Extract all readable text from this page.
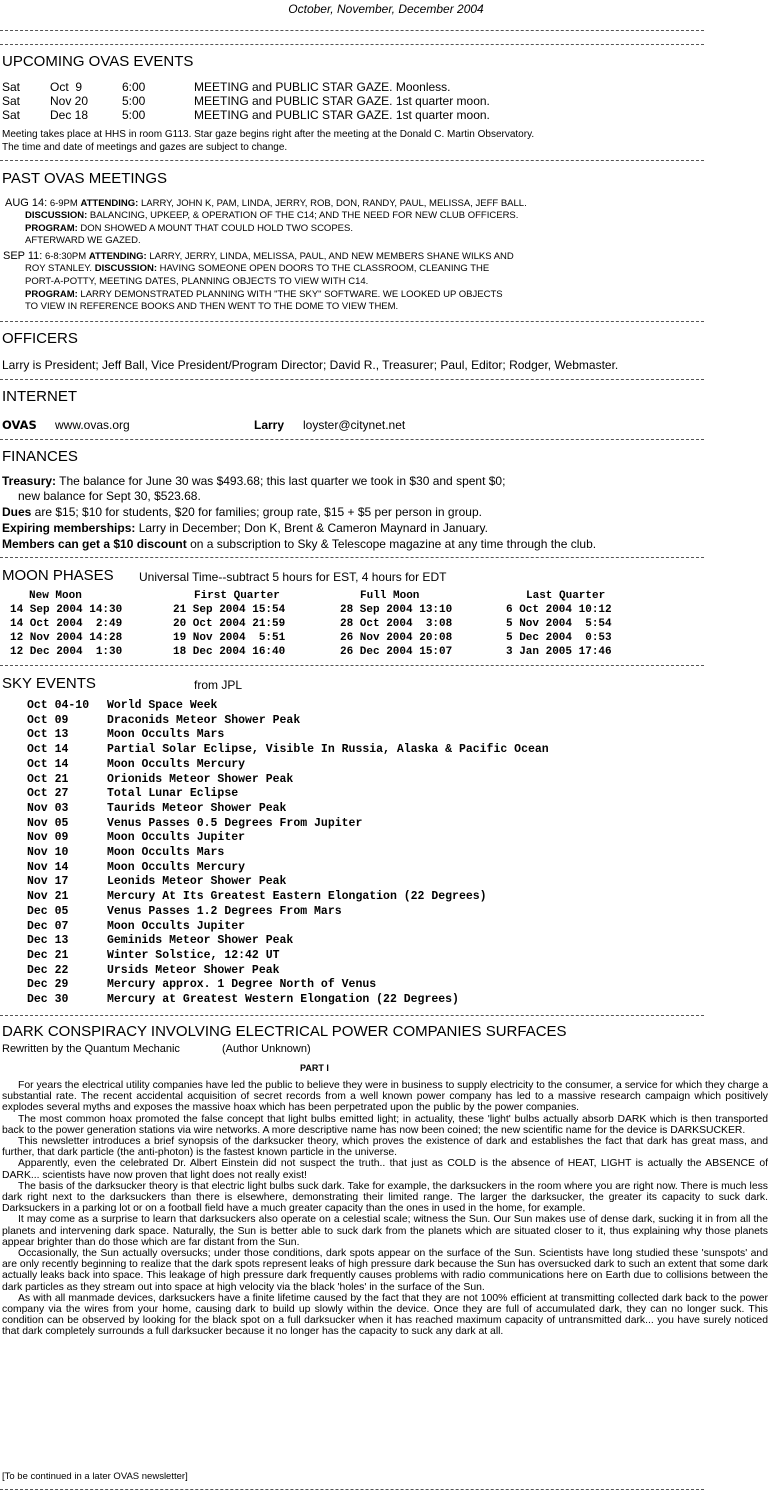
October, November, December 2004
UPCOMING OVAS EVENTS
Sat Oct  9	6:00	MEETING and PUBLIC STAR GAZE. Moonless.
Sat Nov 20	5:00	MEETING and PUBLIC STAR GAZE. 1st quarter moon.
Sat Dec 18	5:00	MEETING and PUBLIC STAR GAZE. 1st quarter moon.
Meeting takes place at HHS in room G113. Star gaze begins right after the meeting at the Donald C. Martin Observatory.
The time and date of meetings and gazes are subject to change.
PAST OVAS MEETINGS
AUG 14: 6-9PM ATTENDING: LARRY, JOHN K, PAM, LINDA, JERRY, ROB, DON, RANDY, PAUL, MELISSA, JEFF BALL.
DISCUSSION: BALANCING, UPKEEP, & OPERATION OF THE C14; AND THE NEED FOR NEW CLUB OFFICERS.
PROGRAM: DON SHOWED A MOUNT THAT COULD HOLD TWO SCOPES.
AFTERWARD WE GAZED.
SEP 11: 6-8:30PM ATTENDING: LARRY, JERRY, LINDA, MELISSA, PAUL, AND NEW MEMBERS SHANE WILKS AND
ROY STANLEY. DISCUSSION: HAVING SOMEONE OPEN DOORS TO THE CLASSROOM, CLEANING THE
PORT-A-POTTY, MEETING DATES, PLANNING OBJECTS TO VIEW WITH C14.
PROGRAM: LARRY DEMONSTRATED PLANNING WITH "THE SKY" SOFTWARE. WE LOOKED UP OBJECTS
TO VIEW IN REFERENCE BOOKS AND THEN WENT TO THE DOME TO VIEW THEM.
OFFICERS
Larry is President; Jeff Ball, Vice President/Program Director; David R., Treasurer; Paul, Editor; Rodger, Webmaster.
INTERNET
OVAS www.ovas.org	Larry loyster@citynet.net
FINANCES
Treasury: The balance for June 30 was $493.68; this last quarter we took in $30 and spent $0;
new balance for Sept 30, $523.68.
Dues are $15; $10 for students, $20 for families; group rate, $15 + $5 per person in group.
Expiring memberships: Larry in December; Don K, Brent & Cameron Maynard in January.
Members can get a $10 discount on a subscription to Sky & Telescope magazine at any time through the club.
MOON PHASES Universal Time--subtract 5 hours for EST, 4 hours for EDT
New Moon	First Quarter	Full Moon	Last Quarter
14 Sep 2004 14:30	21 Sep 2004 15:54	28 Sep 2004 13:10	6 Oct 2004 10:12
14 Oct 2004  2:49	20 Oct 2004 21:59	28 Oct 2004  3:08	5 Nov 2004  5:54
12 Nov 2004 14:28	19 Nov 2004  5:51	26 Nov 2004 20:08	5 Dec 2004  0:53
12 Dec 2004  1:30	18 Dec 2004 16:40	26 Dec 2004 15:07	3 Jan 2005 17:46
SKY EVENTS	from JPL
Oct 04-10 World Space Week
Oct 09	Draconids Meteor Shower Peak
Oct 13	Moon Occults Mars
Oct 14	Partial Solar Eclipse, Visible In Russia, Alaska & Pacific Ocean
Oct 14	Moon Occults Mercury
Oct 21	Orionids Meteor Shower Peak
Oct 27	Total Lunar Eclipse
Nov 03	Taurids Meteor Shower Peak
Nov 05	Venus Passes 0.5 Degrees From Jupiter
Nov 09	Moon Occults Jupiter
Nov 10	Moon Occults Mars
Nov 14	Moon Occults Mercury
Nov 17	Leonids Meteor Shower Peak
Nov 21	Mercury At Its Greatest Eastern Elongation (22 Degrees)
Dec 05	Venus Passes 1.2 Degrees From Mars
Dec 07	Moon Occults Jupiter
Dec 13	Geminids Meteor Shower Peak
Dec 21	Winter Solstice, 12:42 UT
Dec 22	Ursids Meteor Shower Peak
Dec 29	Mercury approx. 1 Degree North of Venus
Dec 30	Mercury at Greatest Western Elongation (22 Degrees)
DARK CONSPIRACY INVOLVING ELECTRICAL POWER COMPANIES SURFACES
Rewritten by the Quantum Mechanic	(Author Unknown)
PART I

For years the electrical utility companies have led the public to believe they were in business to supply electricity to the consumer, a service for which they charge a substantial rate. The recent accidental acquisition of secret records from a well known power company has led to a massive research campaign which positively explodes several myths and exposes the massive hoax which has been perpetrated upon the public by the power companies.

The most common hoax promoted the false concept that light bulbs emitted light; in actuality, these 'light' bulbs actually absorb DARK which is then transported back to the power generation stations via wire networks. A more descriptive name has now been coined; the new scientific name for the device is DARKSUCKER.

This newsletter introduces a brief synopsis of the darksucker theory, which proves the existence of dark and establishes the fact that dark has great mass, and further, that dark particle (the anti-photon) is the fastest known particle in the universe.

Apparently, even the celebrated Dr. Albert Einstein did not suspect the truth.. that just as COLD is the absence of HEAT, LIGHT is actually the ABSENCE of DARK... scientists have now proven that light does not really exist!

The basis of the darksucker theory is that electric light bulbs suck dark. Take for example, the darksuckers in the room where you are right now. There is much less dark right next to the darksuckers than there is elsewhere, demonstrating their limited range. The larger the darksucker, the greater its capacity to suck dark. Darksuckers in a parking lot or on a football field have a much greater capacity than the ones in used in the home, for example.

It may come as a surprise to learn that darksuckers also operate on a celestial scale; witness the Sun. Our Sun makes use of dense dark, sucking it in from all the planets and intervening dark space. Naturally, the Sun is better able to suck dark from the planets which are situated closer to it, thus explaining why those planets appear brighter than do those which are far distant from the Sun.

Occasionally, the Sun actually oversucks; under those conditions, dark spots appear on the surface of the Sun. Scientists have long studied these 'sunspots' and are only recently beginning to realize that the dark spots represent leaks of high pressure dark because the Sun has oversucked dark to such an extent that some dark actually leaks back into space. This leakage of high pressure dark frequently causes problems with radio communications here on Earth due to collisions between the dark particles as they stream out into space at high velocity via the black 'holes' in the surface of the Sun.

As with all manmade devices, darksuckers have a finite lifetime caused by the fact that they are not 100% efficient at transmitting collected dark back to the power company via the wires from your home, causing dark to build up slowly within the device. Once they are full of accumulated dark, they can no longer suck. This condition can be observed by looking for the black spot on a full darksucker when it has reached maximum capacity of untransmitted dark... you have surely noticed that dark completely surrounds a full darksucker because it no longer has the capacity to suck any dark at all.

[To be continued in a later OVAS newsletter]
